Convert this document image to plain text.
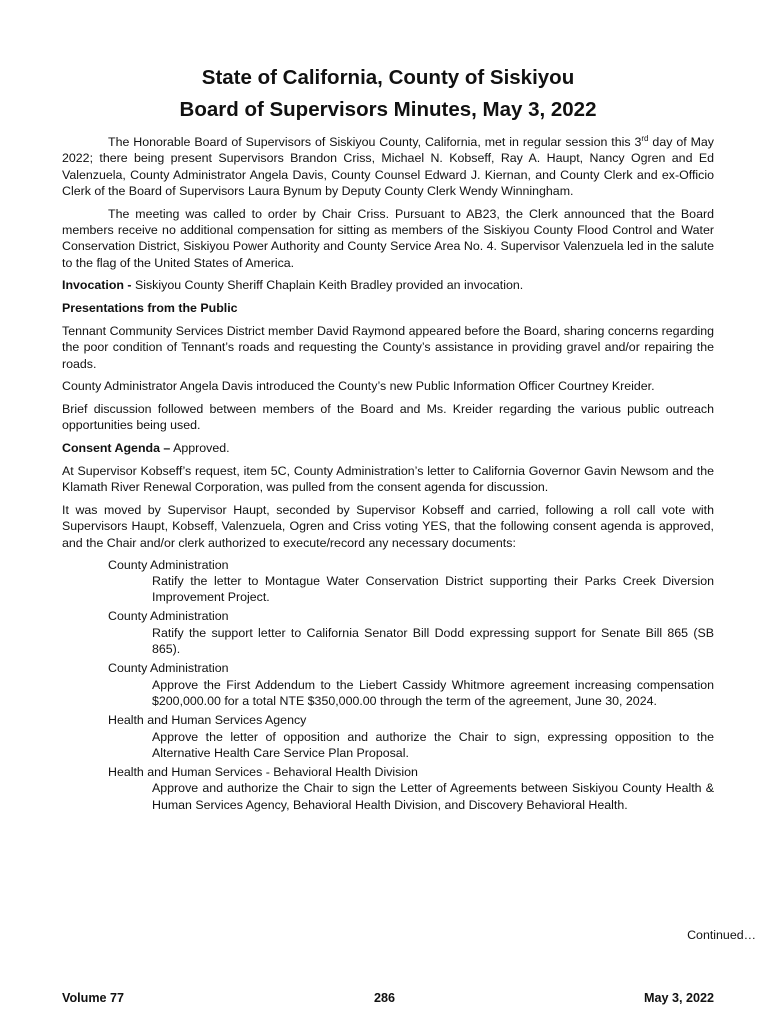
State of California, County of Siskiyou
Board of Supervisors Minutes, May 3, 2022

The Honorable Board of Supervisors of Siskiyou County, California, met in regular session this 3rd day of May 2022; there being present Supervisors Brandon Criss, Michael N. Kobseff, Ray A. Haupt, Nancy Ogren and Ed Valenzuela, County Administrator Angela Davis, County Counsel Edward J. Kiernan, and County Clerk and ex-Officio Clerk of the Board of Supervisors Laura Bynum by Deputy County Clerk Wendy Winningham.

The meeting was called to order by Chair Criss. Pursuant to AB23, the Clerk announced that the Board members receive no additional compensation for sitting as members of the Siskiyou County Flood Control and Water Conservation District, Siskiyou Power Authority and County Service Area No. 4. Supervisor Valenzuela led in the salute to the flag of the United States of America.

Invocation - Siskiyou County Sheriff Chaplain Keith Bradley provided an invocation.

Presentations from the Public

Tennant Community Services District member David Raymond appeared before the Board, sharing concerns regarding the poor condition of Tennant’s roads and requesting the County’s assistance in providing gravel and/or repairing the roads.

County Administrator Angela Davis introduced the County’s new Public Information Officer Courtney Kreider.

Brief discussion followed between members of the Board and Ms. Kreider regarding the various public outreach opportunities being used.

Consent Agenda – Approved.

At Supervisor Kobseff’s request, item 5C, County Administration’s letter to California Governor Gavin Newsom and the Klamath River Renewal Corporation, was pulled from the consent agenda for discussion.

It was moved by Supervisor Haupt, seconded by Supervisor Kobseff and carried, following a roll call vote with Supervisors Haupt, Kobseff, Valenzuela, Ogren and Criss voting YES, that the following consent agenda is approved, and the Chair and/or clerk authorized to execute/record any necessary documents:

County Administration
Ratify the letter to Montague Water Conservation District supporting their Parks Creek Diversion Improvement Project.
County Administration
Ratify the support letter to California Senator Bill Dodd expressing support for Senate Bill 865 (SB 865).
County Administration
Approve the First Addendum to the Liebert Cassidy Whitmore agreement increasing compensation $200,000.00 for a total NTE $350,000.00 through the term of the agreement, June 30, 2024.
Health and Human Services Agency
Approve the letter of opposition and authorize the Chair to sign, expressing opposition to the Alternative Health Care Service Plan Proposal.
Health and Human Services - Behavioral Health Division
Approve and authorize the Chair to sign the Letter of Agreements between Siskiyou County Health & Human Services Agency, Behavioral Health Division, and Discovery Behavioral Health.
Continued…
Volume 77	286	May 3, 2022
